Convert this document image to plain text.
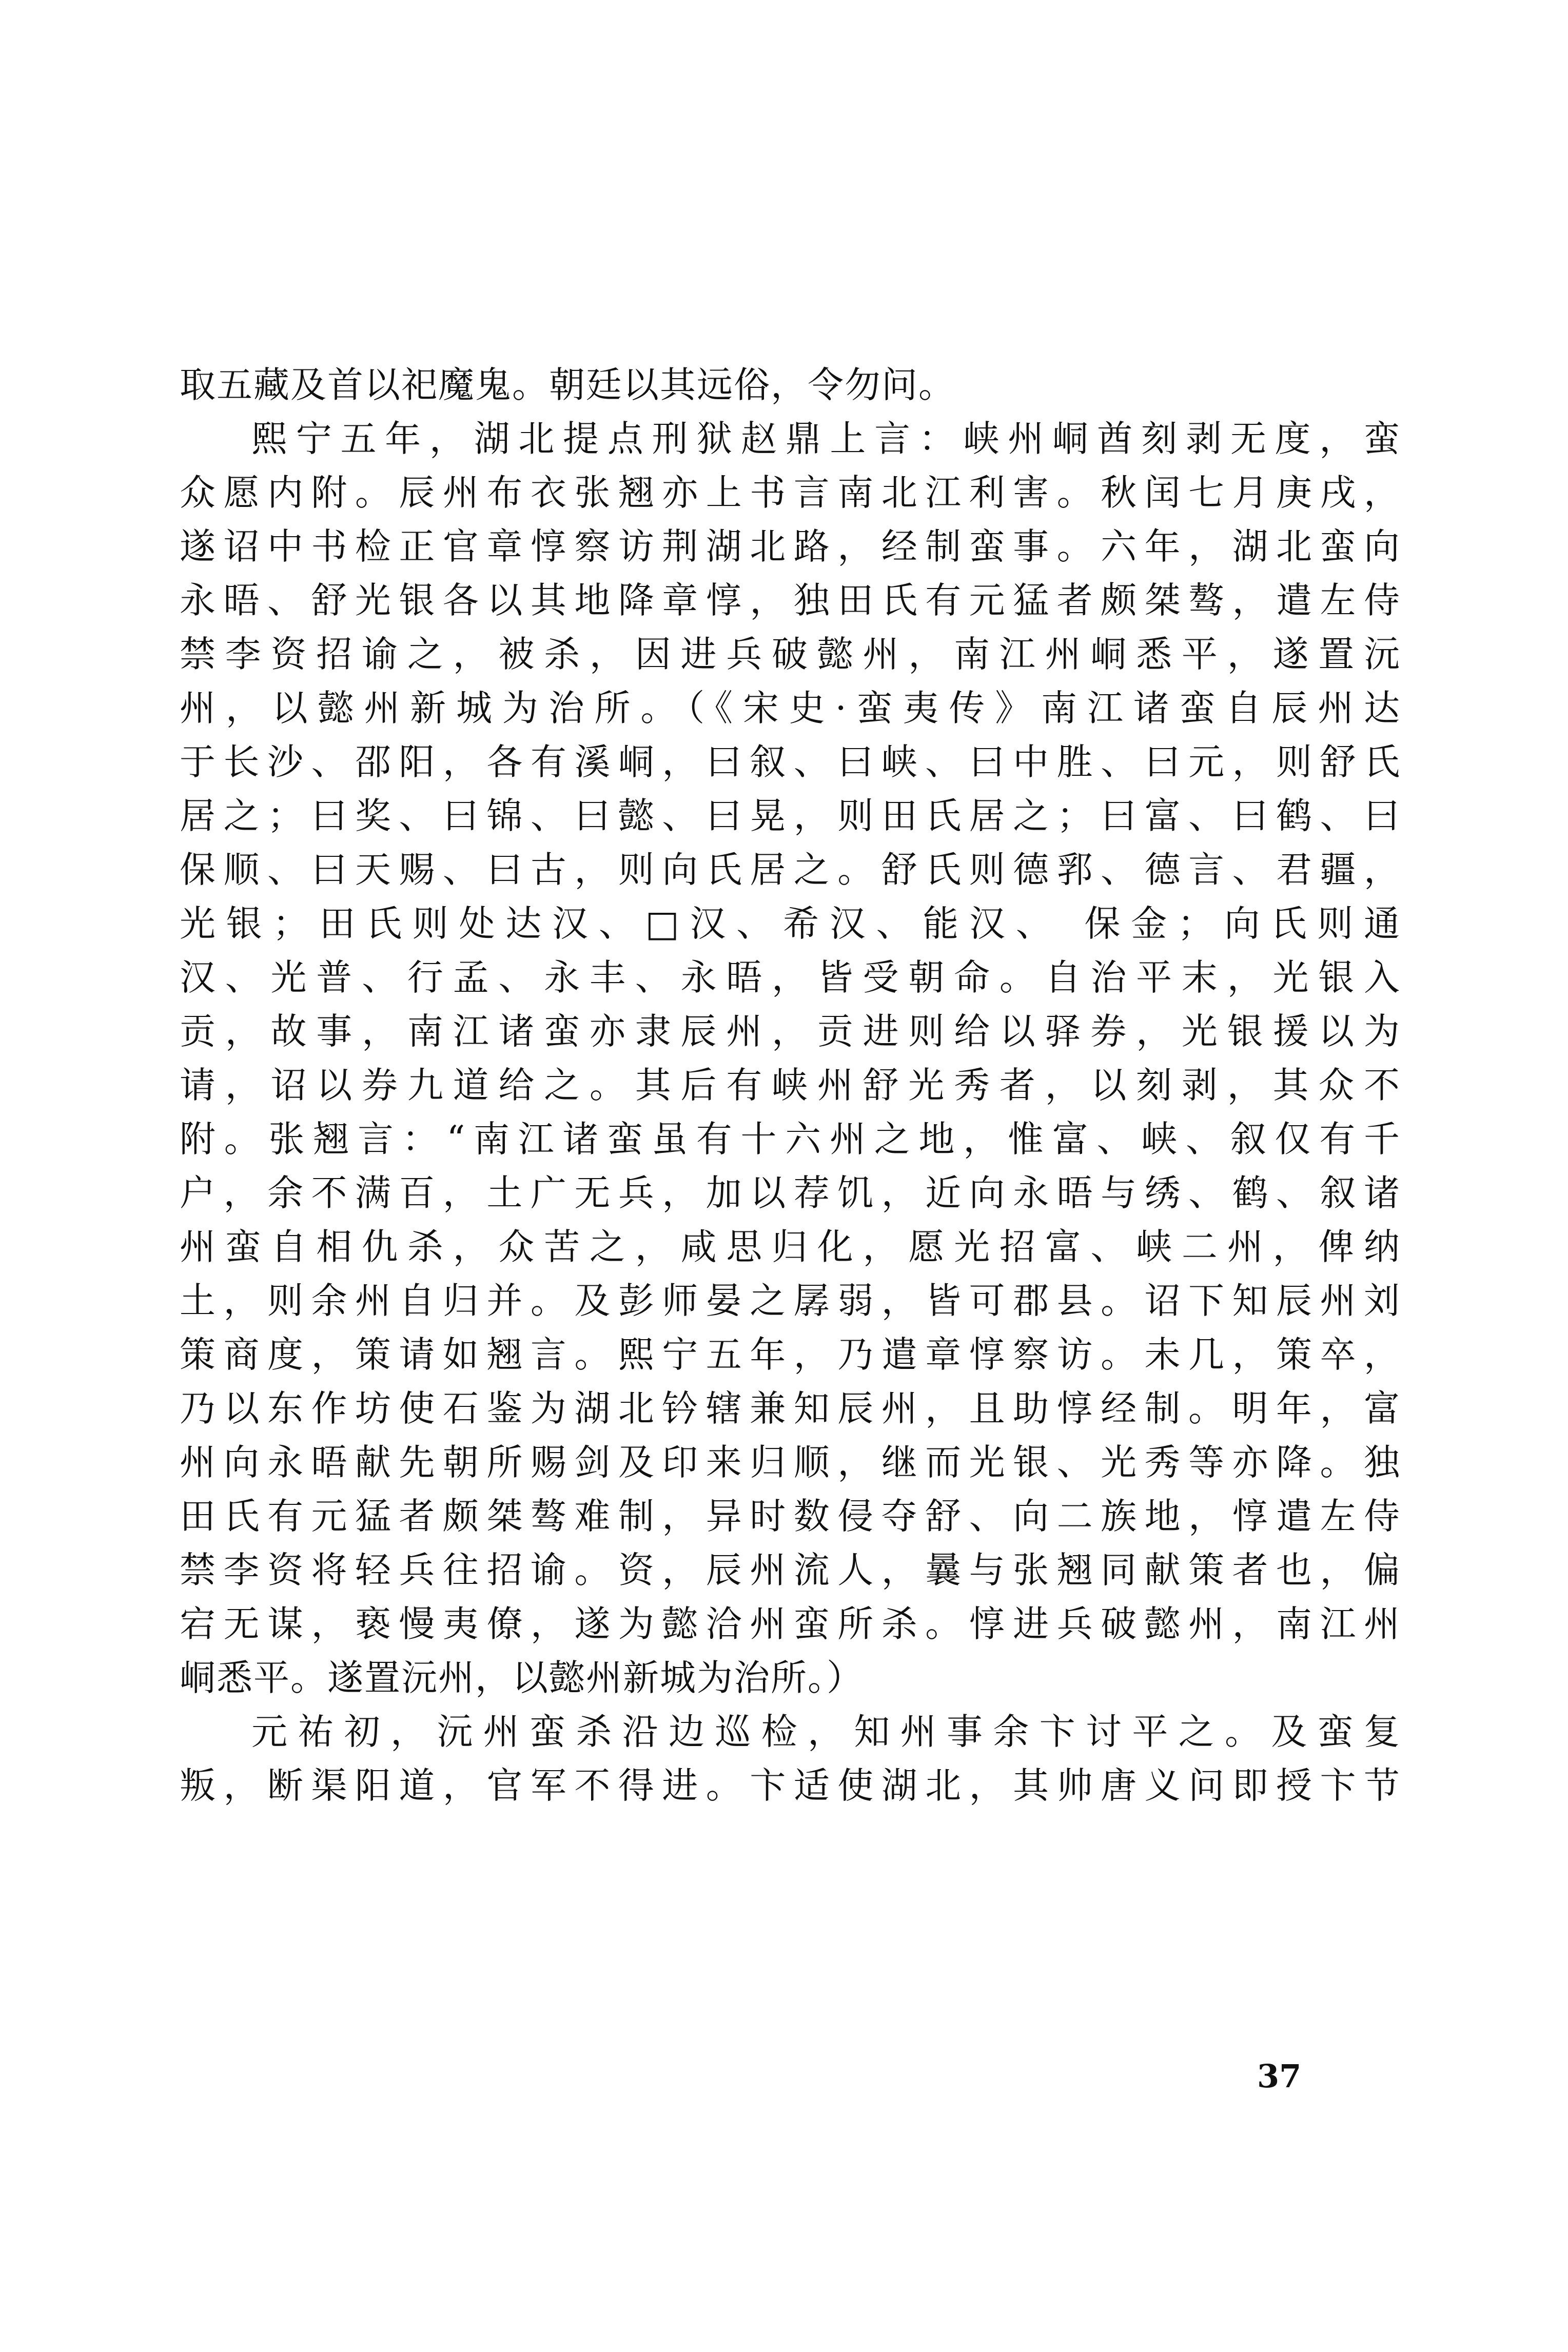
取五藏及首以祀魔鬼。朝廷以其远俗，令勿问。
熙宁五年，湖北提点刑狱赵鼎上言：峡州峒酋刻剥无度，蛮
众愿内附。辰州布衣张翘亦上书言南北江利害。秋闰七月庚戌，
遂诏中书检正官章惇察访荆湖北路，经制蛮事。六年，湖北蛮向
永晤、舒光银各以其地降章惇，独田氏有元猛者颇桀骜，遣左侍
禁李资招谕之，被杀，因进兵破懿州，南江州峒悉平，遂置沅
州，以懿州新城为治所。（《宋史·蛮夷传》南江诸蛮自辰州达
于长沙、邵阳，各有溪峒，曰叙、曰峡、曰中胜、曰元，则舒氏
居之；曰奖、曰锦、曰懿、曰晃，则田氏居之；曰富、曰鹤、曰
保顺、曰天赐、曰古，则向氏居之。舒氏则德郛、德言、君疆，
光银；田氏则处达汉、□汉、希汉、能汉、 保金；向氏则通
汉、光普、行孟、永丰、永晤，皆受朝命。自治平末，光银入
贡，故事，南江诸蛮亦隶辰州，贡进则给以驿券，光银援以为
请，诏以券九道给之。其后有峡州舒光秀者，以刻剥，其众不
附。张翘言：“南江诸蛮虽有十六州之地，惟富、峡、叙仅有千
户，余不满百，土广无兵，加以荐饥，近向永晤与绣、鹤、叙诸
州蛮自相仇杀，众苦之，咸思归化，愿光招富、峡二州，俾纳
土，则余州自归并。及彭师晏之孱弱，皆可郡县。诏下知辰州刘
策商度，策请如翘言。熙宁五年，乃遣章惇察访。未几，策卒，
乃以东作坊使石鉴为湖北钤辖兼知辰州，且助惇经制。明年，富
州向永晤献先朝所赐剑及印来归顺，继而光银、光秀等亦降。独
田氏有元猛者颇桀骜难制，异时数侵夺舒、向二族地，惇遣左侍
禁李资将轻兵往招谕。资，辰州流人，曩与张翘同献策者也，偏
宕无谋，亵慢夷僚，遂为懿洽州蛮所杀。惇进兵破懿州，南江州
峒悉平。遂置沅州，以懿州新城为治所。）
元祐初，沅州蛮杀沿边巡检，知州事余卞讨平之。及蛮复
叛，断渠阳道，官军不得进。卞适使湖北，其帅唐义问即授卞节
37
